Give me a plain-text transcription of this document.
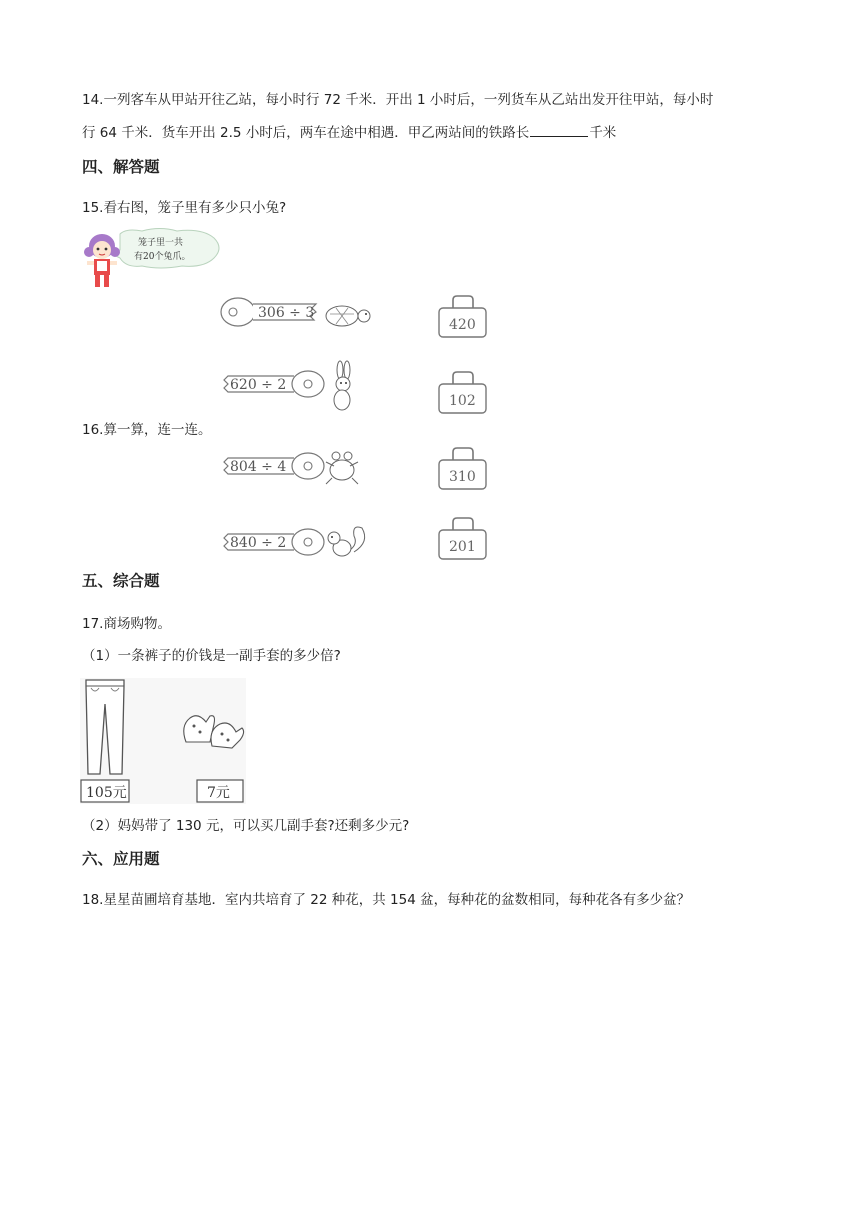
14.一列客车从甲站开往乙站，每小时行 72 千米．开出 1 小时后，一列货车从乙站出发开往甲站，每小时
行 64 千米．货车开出 2.5 小时后，两车在途中相遇．甲乙两站间的铁路长	千米
四、解答题
15.看右图，笼子里有多少只小兔?
笼子里一共
有20个兔爪。
16.算一算，连一连。
306 ÷ 3
620 ÷ 2
804 ÷ 4
840 ÷ 2
420
102
310
201
五、综合题
17.商场购物。
（1）一条裤子的价钱是一副手套的多少倍?
105元	7元
（2）妈妈带了 130 元，可以买几副手套?还剩多少元?
六、应用题
18.星星苗圃培育基地．室内共培育了 22 种花，共 154 盆，每种花的盆数相同，每种花各有多少盆？
